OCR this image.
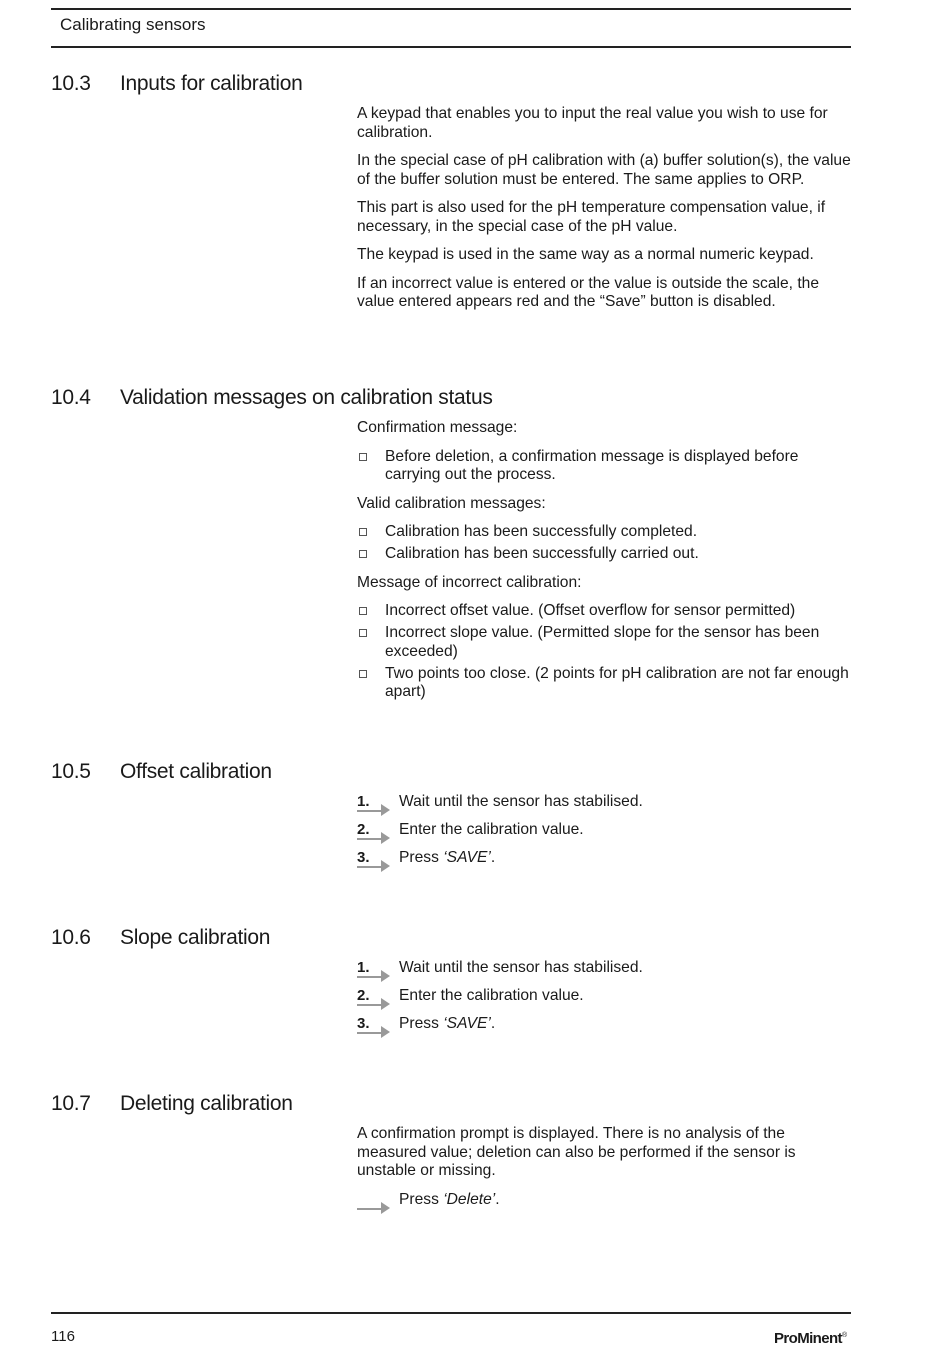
Calibrating sensors
10.3 Inputs for calibration

A keypad that enables you to input the real value you wish to use for calibration.

In the special case of pH calibration with (a) buffer solution(s), the value of the buffer solution must be entered. The same applies to ORP.

This part is also used for the pH temperature compensation value, if necessary, in the special case of the pH value.

The keypad is used in the same way as a normal numeric keypad.

If an incorrect value is entered or the value is outside the scale, the value entered appears red and the “Save” button is disabled.

10.4 Validation messages on calibration status
Confirmation message:
Before deletion, a confirmation message is displayed before carrying out the process.
Valid calibration messages:
Calibration has been successfully completed.
Calibration has been successfully carried out.
Message of incorrect calibration:
Incorrect offset value. (Offset overflow for sensor permitted)
Incorrect slope value. (Permitted slope for the sensor has been exceeded)
Two points too close. (2 points for pH calibration are not far enough apart)
10.5 Offset calibration
1. Wait until the sensor has stabilised.
2. Enter the calibration value.
3. Press ‘SAVE’.
10.6 Slope calibration
1. Wait until the sensor has stabilised.
2. Enter the calibration value.
3. Press ‘SAVE’.
10.7 Deleting calibration

A confirmation prompt is displayed. There is no analysis of the measured value; deletion can also be performed if the sensor is unstable or missing.

Press ‘Delete’.
116	ProMinent®
